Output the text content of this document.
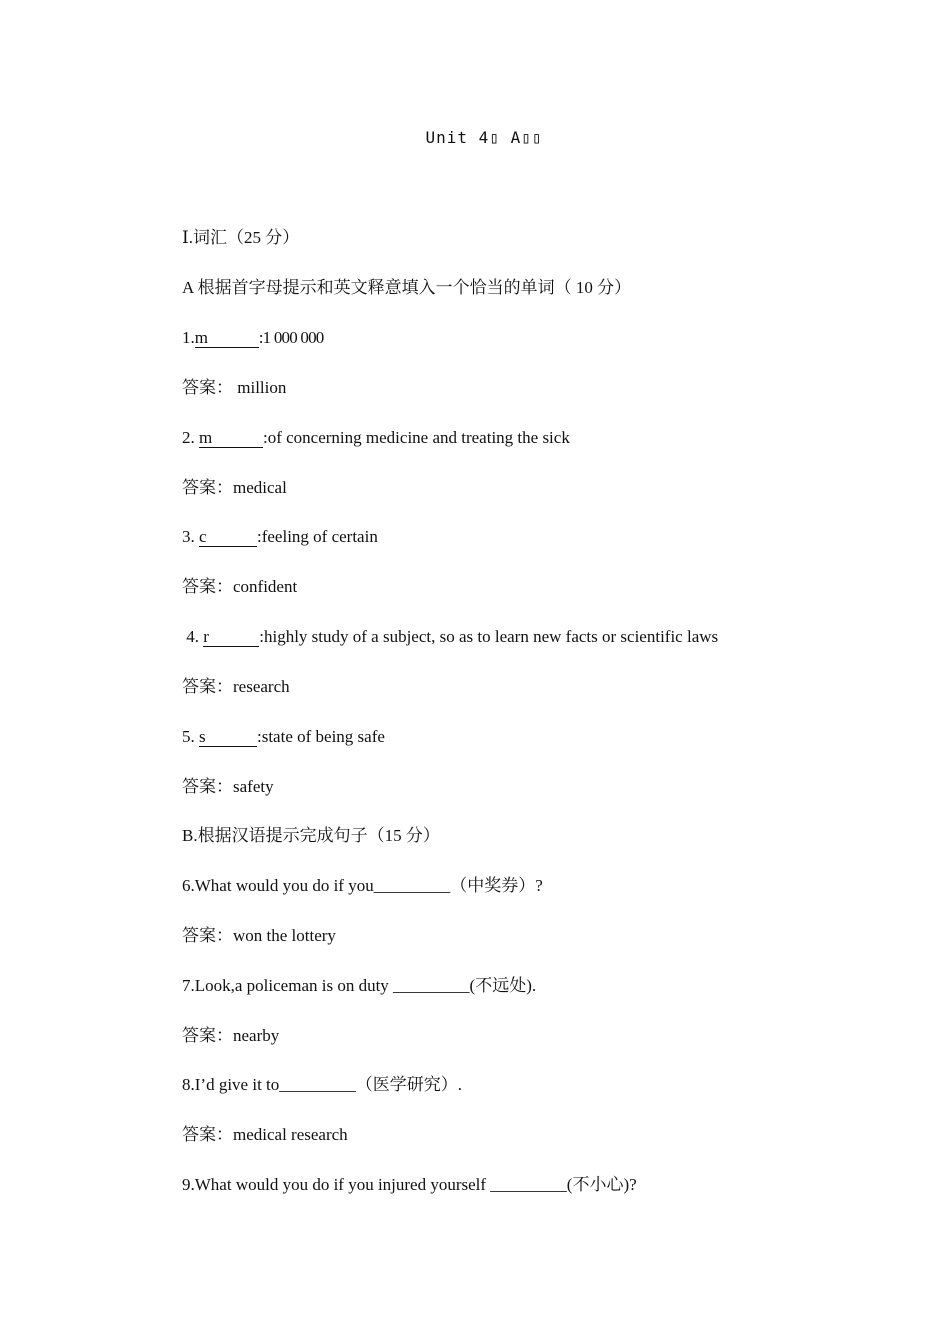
Unit 4▯ A▯▯
Ⅰ.词汇（25 分）
A 根据首字母提示和英文释意填入一个恰当的单词（ 10 分）
1.m	:1 000 000
答案： million
2. m	:of concerning medicine and treating the sick
答案：medical
3. c	:feeling of certain
答案：confident
4. r	:highly study of a subject, so as to learn new facts or scientific laws
答案：research
5. s	:state of being safe
答案：safety
B.根据汉语提示完成句子（15 分）
6.What would you do if you_________（中奖券）?
答案：won the lottery
7.Look,a policeman is on duty _________(不远处).
答案：nearby
8.I’d give it to_________（医学研究）.
答案：medical research
9.What would you do if you injured yourself _________(不小心)?
